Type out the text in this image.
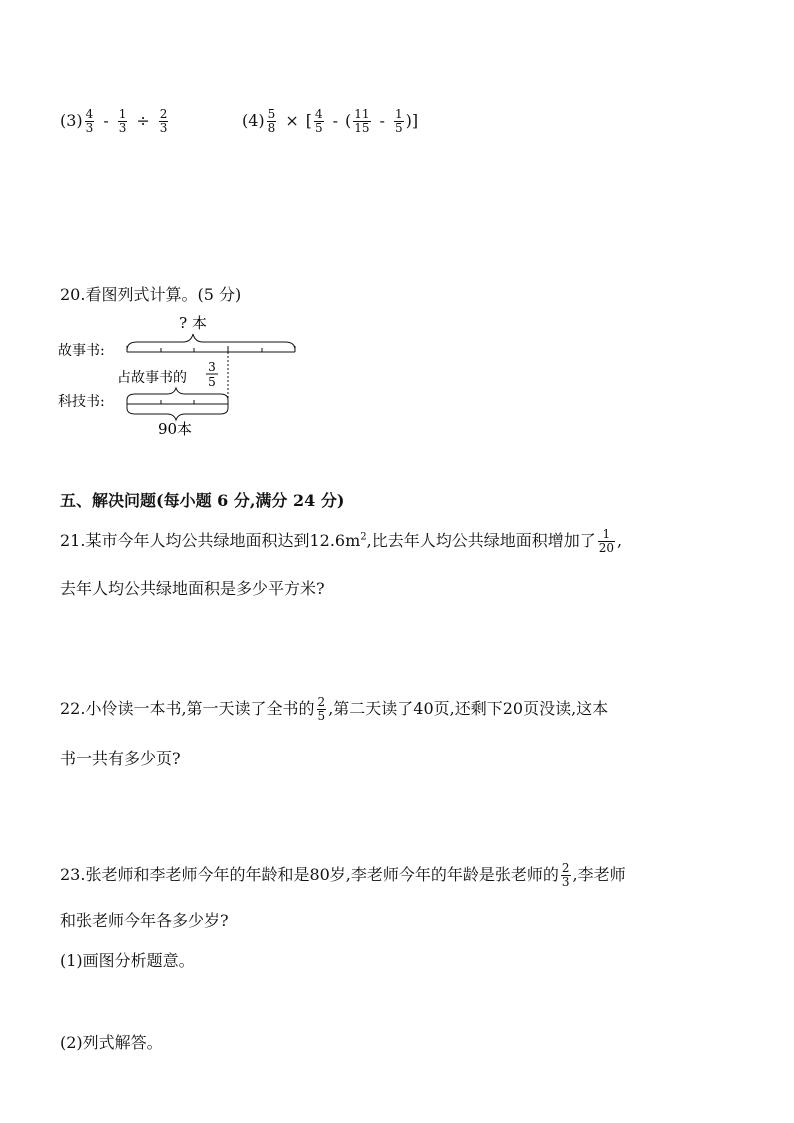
$(3) \frac{4}{3} - \frac{1}{3} \div \frac{2}{3}$	$(4) \frac{5}{8}$ × [ $\frac{4}{5}$ - ( $\frac{11}{15} - \frac{1}{5}$ )]
20.看图列式计算。(5 分)
? 本
故事书:
占故事书的
3
5
科技书:
90本
五、解决问题(每小题 6 分,满分 24 分)
21.某市今年人均公共绿地面积达到$12.6m^2$,比去年人均公共绿地面积增加了 $\frac{1}{20}$ ,
去年人均公共绿地面积是多少平方米?
22.小伶读一本书,第一天读了全书的 $\frac{2}{5}$ ,第二天读了40页,还剩下20页没读,这本
书一共有多少页?
23.张老师和李老师今年的年龄和是80岁,李老师今年的年龄是张老师的 $\frac{2}{3}$ ,李老师
和张老师今年各多少岁?
(1)画图分析题意。
(2)列式解答。
